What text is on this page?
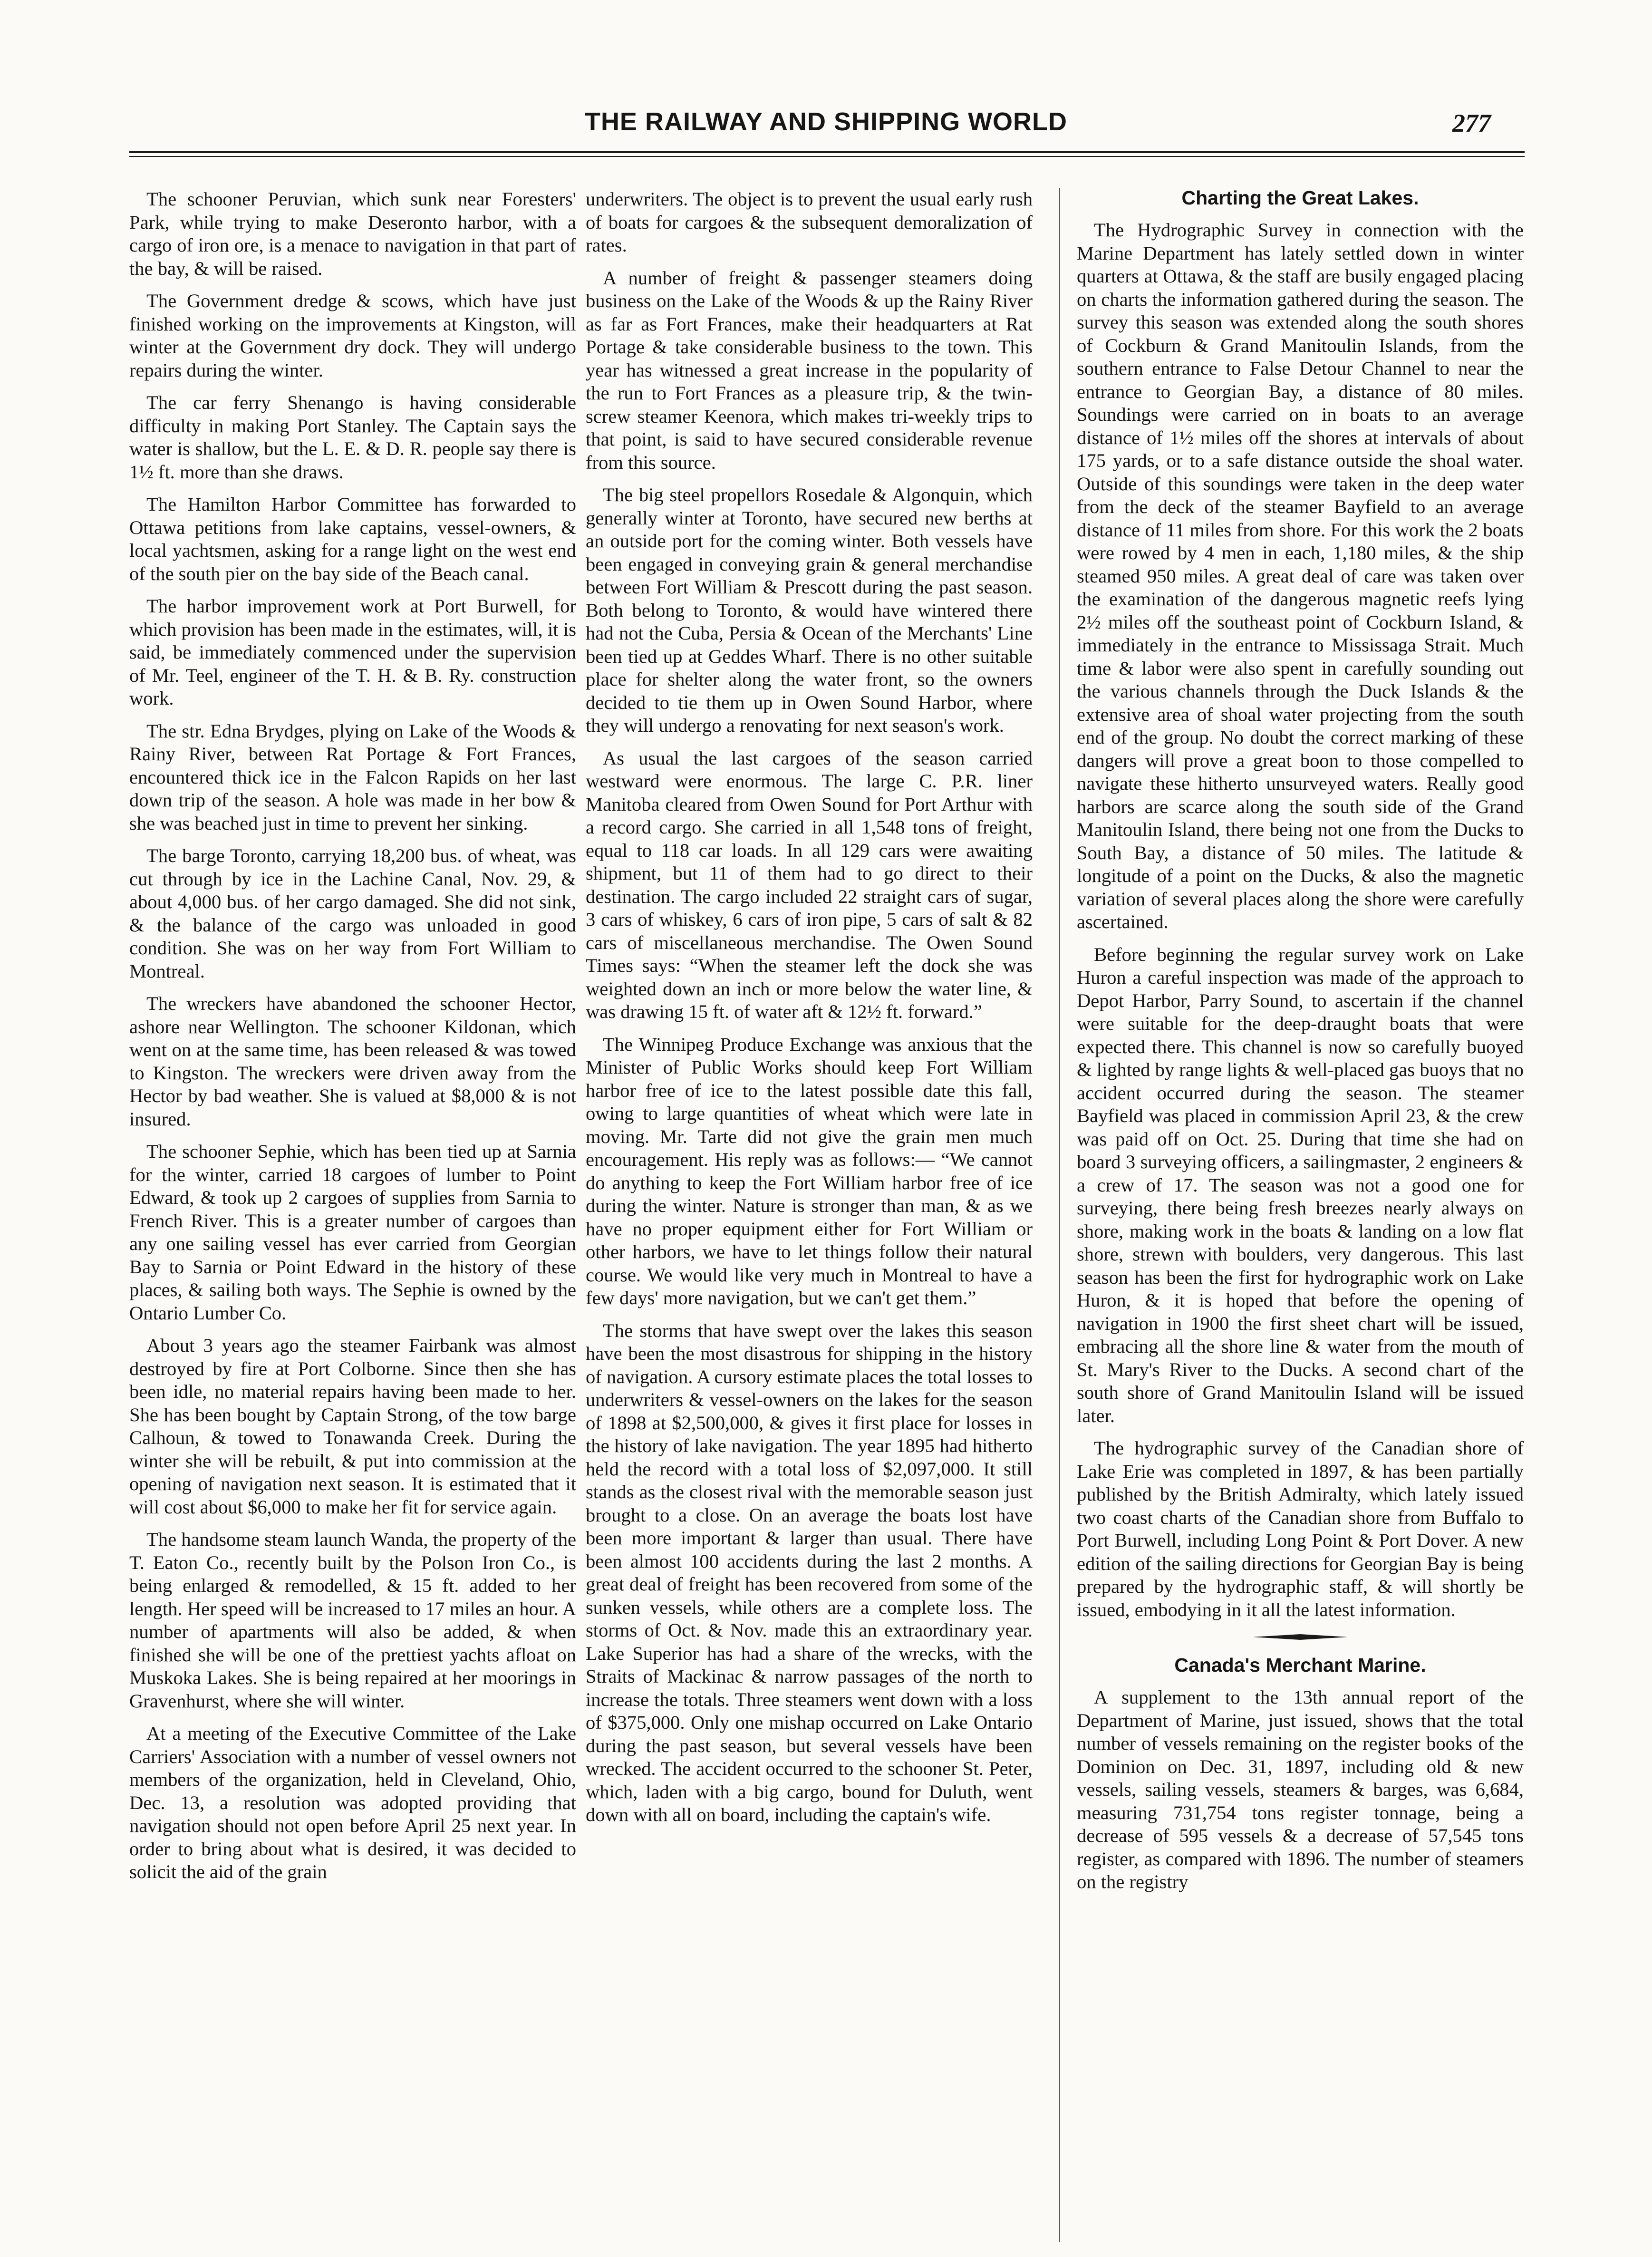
THE RAILWAY AND SHIPPING WORLD	277

The schooner Peruvian, which sunk near Foresters' Park, while trying to make Deseronto harbor, with a cargo of iron ore, is a menace to navigation in that part of the bay, & will be raised.

The Government dredge & scows, which have just finished working on the improvements at Kingston, will winter at the Government dry dock. They will undergo repairs during the winter.

The car ferry Shenango is having considerable difficulty in making Port Stanley. The Captain says the water is shallow, but the L. E. & D. R. people say there is 1½ ft. more than she draws.

The Hamilton Harbor Committee has forwarded to Ottawa petitions from lake captains, vessel-owners, & local yachtsmen, asking for a range light on the west end of the south pier on the bay side of the Beach canal.

The harbor improvement work at Port Burwell, for which provision has been made in the estimates, will, it is said, be immediately commenced under the supervision of Mr. Teel, engineer of the T. H. & B. Ry. construction work.

The str. Edna Brydges, plying on Lake of the Woods & Rainy River, between Rat Portage & Fort Frances, encountered thick ice in the Falcon Rapids on her last down trip of the season. A hole was made in her bow & she was beached just in time to prevent her sinking.

The barge Toronto, carrying 18,200 bus. of wheat, was cut through by ice in the Lachine Canal, Nov. 29, & about 4,000 bus. of her cargo damaged. She did not sink, & the balance of the cargo was unloaded in good condition. She was on her way from Fort William to Montreal.

The wreckers have abandoned the schooner Hector, ashore near Wellington. The schooner Kildonan, which went on at the same time, has been released & was towed to Kingston. The wreckers were driven away from the Hector by bad weather. She is valued at $8,000 & is not insured.

The schooner Sephie, which has been tied up at Sarnia for the winter, carried 18 cargoes of lumber to Point Edward, & took up 2 cargoes of supplies from Sarnia to French River. This is a greater number of cargoes than any one sailing vessel has ever carried from Georgian Bay to Sarnia or Point Edward in the history of these places, & sailing both ways. The Sephie is owned by the Ontario Lumber Co.

About 3 years ago the steamer Fairbank was almost destroyed by fire at Port Colborne. Since then she has been idle, no material repairs having been made to her. She has been bought by Captain Strong, of the tow barge Calhoun, & towed to Tonawanda Creek. During the winter she will be rebuilt, & put into commission at the opening of navigation next season. It is estimated that it will cost about $6,000 to make her fit for service again.

The handsome steam launch Wanda, the property of the T. Eaton Co., recently built by the Polson Iron Co., is being enlarged & remodelled, & 15 ft. added to her length. Her speed will be increased to 17 miles an hour. A number of apartments will also be added, & when finished she will be one of the prettiest yachts afloat on Muskoka Lakes. She is being repaired at her moorings in Gravenhurst, where she will winter.

At a meeting of the Executive Committee of the Lake Carriers' Association with a number of vessel owners not members of the organization, held in Cleveland, Ohio, Dec. 13, a resolution was adopted providing that navigation should not open before April 25 next year. In order to bring about what is desired, it was decided to solicit the aid of the grain

underwriters. The object is to prevent the usual early rush of boats for cargoes & the subsequent demoralization of rates.

A number of freight & passenger steamers doing business on the Lake of the Woods & up the Rainy River as far as Fort Frances, make their headquarters at Rat Portage & take considerable business to the town. This year has witnessed a great increase in the popularity of the run to Fort Frances as a pleasure trip, & the twin-screw steamer Keenora, which makes tri-weekly trips to that point, is said to have secured considerable revenue from this source.

The big steel propellors Rosedale & Algonquin, which generally winter at Toronto, have secured new berths at an outside port for the coming winter. Both vessels have been engaged in conveying grain & general merchandise between Fort William & Prescott during the past season. Both belong to Toronto, & would have wintered there had not the Cuba, Persia & Ocean of the Merchants' Line been tied up at Geddes Wharf. There is no other suitable place for shelter along the water front, so the owners decided to tie them up in Owen Sound Harbor, where they will undergo a renovating for next season's work.

As usual the last cargoes of the season carried westward were enormous. The large C. P.R. liner Manitoba cleared from Owen Sound for Port Arthur with a record cargo. She carried in all 1,548 tons of freight, equal to 118 car loads. In all 129 cars were awaiting shipment, but 11 of them had to go direct to their destination. The cargo included 22 straight cars of sugar, 3 cars of whiskey, 6 cars of iron pipe, 5 cars of salt & 82 cars of miscellaneous merchandise. The Owen Sound Times says: “When the steamer left the dock she was weighted down an inch or more below the water line, & was drawing 15 ft. of water aft & 12½ ft. forward.”

The Winnipeg Produce Exchange was anxious that the Minister of Public Works should keep Fort William harbor free of ice to the latest possible date this fall, owing to large quantities of wheat which were late in moving. Mr. Tarte did not give the grain men much encouragement. His reply was as follows:— “We cannot do anything to keep the Fort William harbor free of ice during the winter. Nature is stronger than man, & as we have no proper equipment either for Fort William or other harbors, we have to let things follow their natural course. We would like very much in Montreal to have a few days' more navigation, but we can't get them.”

The storms that have swept over the lakes this season have been the most disastrous for shipping in the history of navigation. A cursory estimate places the total losses to underwriters & vessel-owners on the lakes for the season of 1898 at $2,500,000, & gives it first place for losses in the history of lake navigation. The year 1895 had hitherto held the record with a total loss of $2,097,000. It still stands as the closest rival with the memorable season just brought to a close. On an average the boats lost have been more important & larger than usual. There have been almost 100 accidents during the last 2 months. A great deal of freight has been recovered from some of the sunken vessels, while others are a complete loss. The storms of Oct. & Nov. made this an extraordinary year. Lake Superior has had a share of the wrecks, with the Straits of Mackinac & narrow passages of the north to increase the totals. Three steamers went down with a loss of $375,000. Only one mishap occurred on Lake Ontario during the past season, but several vessels have been wrecked. The accident occurred to the schooner St. Peter, which, laden with a big cargo, bound for Duluth, went down with all on board, including the captain's wife.

Charting the Great Lakes.

The Hydrographic Survey in connection with the Marine Department has lately settled down in winter quarters at Ottawa, & the staff are busily engaged placing on charts the information gathered during the season. The survey this season was extended along the south shores of Cockburn & Grand Manitoulin Islands, from the southern entrance to False Detour Channel to near the entrance to Georgian Bay, a distance of 80 miles. Soundings were carried on in boats to an average distance of 1½ miles off the shores at intervals of about 175 yards, or to a safe distance outside the shoal water. Outside of this soundings were taken in the deep water from the deck of the steamer Bayfield to an average distance of 11 miles from shore. For this work the 2 boats were rowed by 4 men in each, 1,180 miles, & the ship steamed 950 miles. A great deal of care was taken over the examination of the dangerous magnetic reefs lying 2½ miles off the southeast point of Cockburn Island, & immediately in the entrance to Mississaga Strait. Much time & labor were also spent in carefully sounding out the various channels through the Duck Islands & the extensive area of shoal water projecting from the south end of the group. No doubt the correct marking of these dangers will prove a great boon to those compelled to navigate these hitherto unsurveyed waters. Really good harbors are scarce along the south side of the Grand Manitoulin Island, there being not one from the Ducks to South Bay, a distance of 50 miles. The latitude & longitude of a point on the Ducks, & also the magnetic variation of several places along the shore were carefully ascertained.

Before beginning the regular survey work on Lake Huron a careful inspection was made of the approach to Depot Harbor, Parry Sound, to ascertain if the channel were suitable for the deep-draught boats that were expected there. This channel is now so carefully buoyed & lighted by range lights & well-placed gas buoys that no accident occurred during the season. The steamer Bayfield was placed in commission April 23, & the crew was paid off on Oct. 25. During that time she had on board 3 surveying officers, a sailingmaster, 2 engineers & a crew of 17. The season was not a good one for surveying, there being fresh breezes nearly always on shore, making work in the boats & landing on a low flat shore, strewn with boulders, very dangerous. This last season has been the first for hydrographic work on Lake Huron, & it is hoped that before the opening of navigation in 1900 the first sheet chart will be issued, embracing all the shore line & water from the mouth of St. Mary's River to the Ducks. A second chart of the south shore of Grand Manitoulin Island will be issued later.

The hydrographic survey of the Canadian shore of Lake Erie was completed in 1897, & has been partially published by the British Admiralty, which lately issued two coast charts of the Canadian shore from Buffalo to Port Burwell, including Long Point & Port Dover. A new edition of the sailing directions for Georgian Bay is being prepared by the hydrographic staff, & will shortly be issued, embodying in it all the latest information.

Canada's Merchant Marine.

A supplement to the 13th annual report of the Department of Marine, just issued, shows that the total number of vessels remaining on the register books of the Dominion on Dec. 31, 1897, including old & new vessels, sailing vessels, steamers & barges, was 6,684, measuring 731,754 tons register tonnage, being a decrease of 595 vessels & a decrease of 57,545 tons register, as compared with 1896. The number of steamers on the registry
